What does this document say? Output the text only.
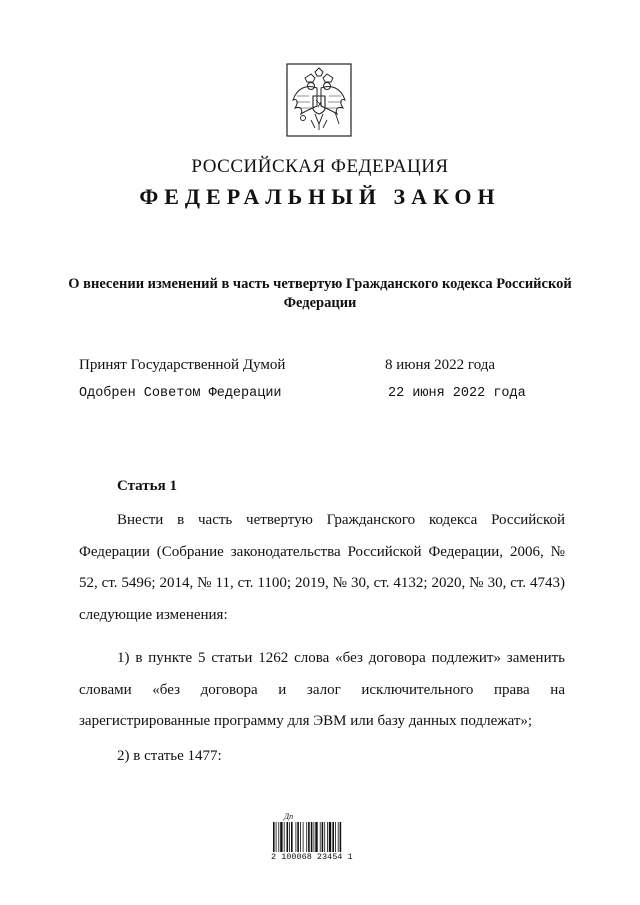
РОССИЙСКАЯ ФЕДЕРАЦИЯ
ФЕДЕРАЛЬНЫЙ ЗАКОН
О внесении изменений в часть четвертую Гражданского кодекса Российской Федерации
Принят Государственной Думой	8 июня 2022 года
Одобрен Советом Федерации	22 июня 2022 года
Статья 1
Внести в часть четвертую Гражданского кодекса Российской Федерации (Собрание законодательства Российской Федерации, 2006, № 52, ст. 5496; 2014, № 11, ст. 1100; 2019, № 30, ст. 4132; 2020, № 30, ст. 4743) следующие изменения:
1) в пункте 5 статьи 1262 слова «без договора подлежит» заменить словами «без договора и залог исключительного права на зарегистрированные программу для ЭВМ или базу данных подлежат»;
2) в статье 1477:
Дп
2 100068 23454 1
